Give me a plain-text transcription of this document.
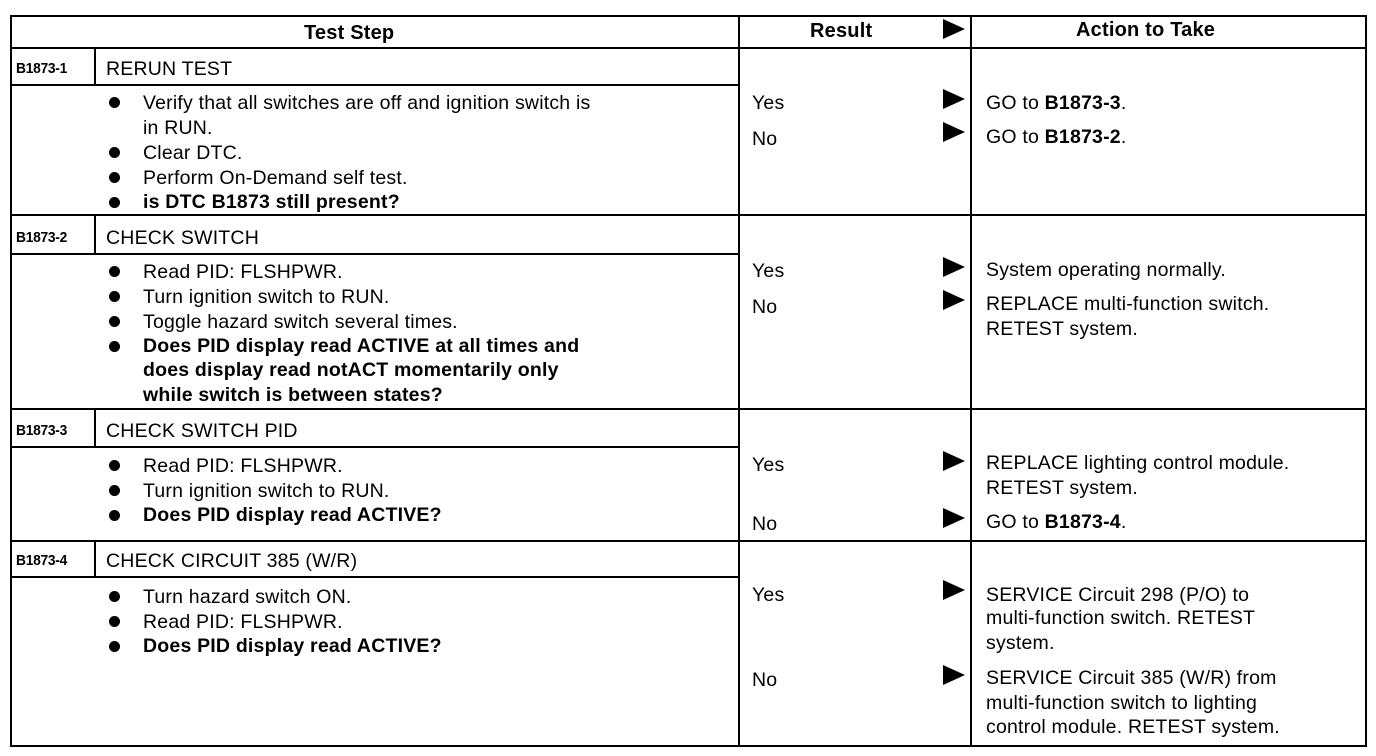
Test Step	Result	Action to Take
B1873-1 RERUN TEST
Verify that all switches are off and ignition switch is
in RUN.
Clear DTC.
Perform On-Demand self test.
is DTC B1873 still present?
Yes	GO to B1873-3.
No	GO to B1873-2.
B1873-2 CHECK SWITCH
Read PID: FLSHPWR.
Turn ignition switch to RUN.
Toggle hazard switch several times.
Does PID display read ACTIVE at all times and
does display read notACT momentarily only
while switch is between states?
Yes	System operating normally.
No	REPLACE multi-function switch.
RETEST system.
B1873-3 CHECK SWITCH PID
Read PID: FLSHPWR.
Turn ignition switch to RUN.
Does PID display read ACTIVE?
Yes	REPLACE lighting control module.
RETEST system.
No	GO to B1873-4.
B1873-4 CHECK CIRCUIT 385 (W/R)
Turn hazard switch ON.
Read PID: FLSHPWR.
Does PID display read ACTIVE?
Yes	SERVICE Circuit 298 (P/O) to
multi-function switch. RETEST
system.
No	SERVICE Circuit 385 (W/R) from
multi-function switch to lighting
control module. RETEST system.
